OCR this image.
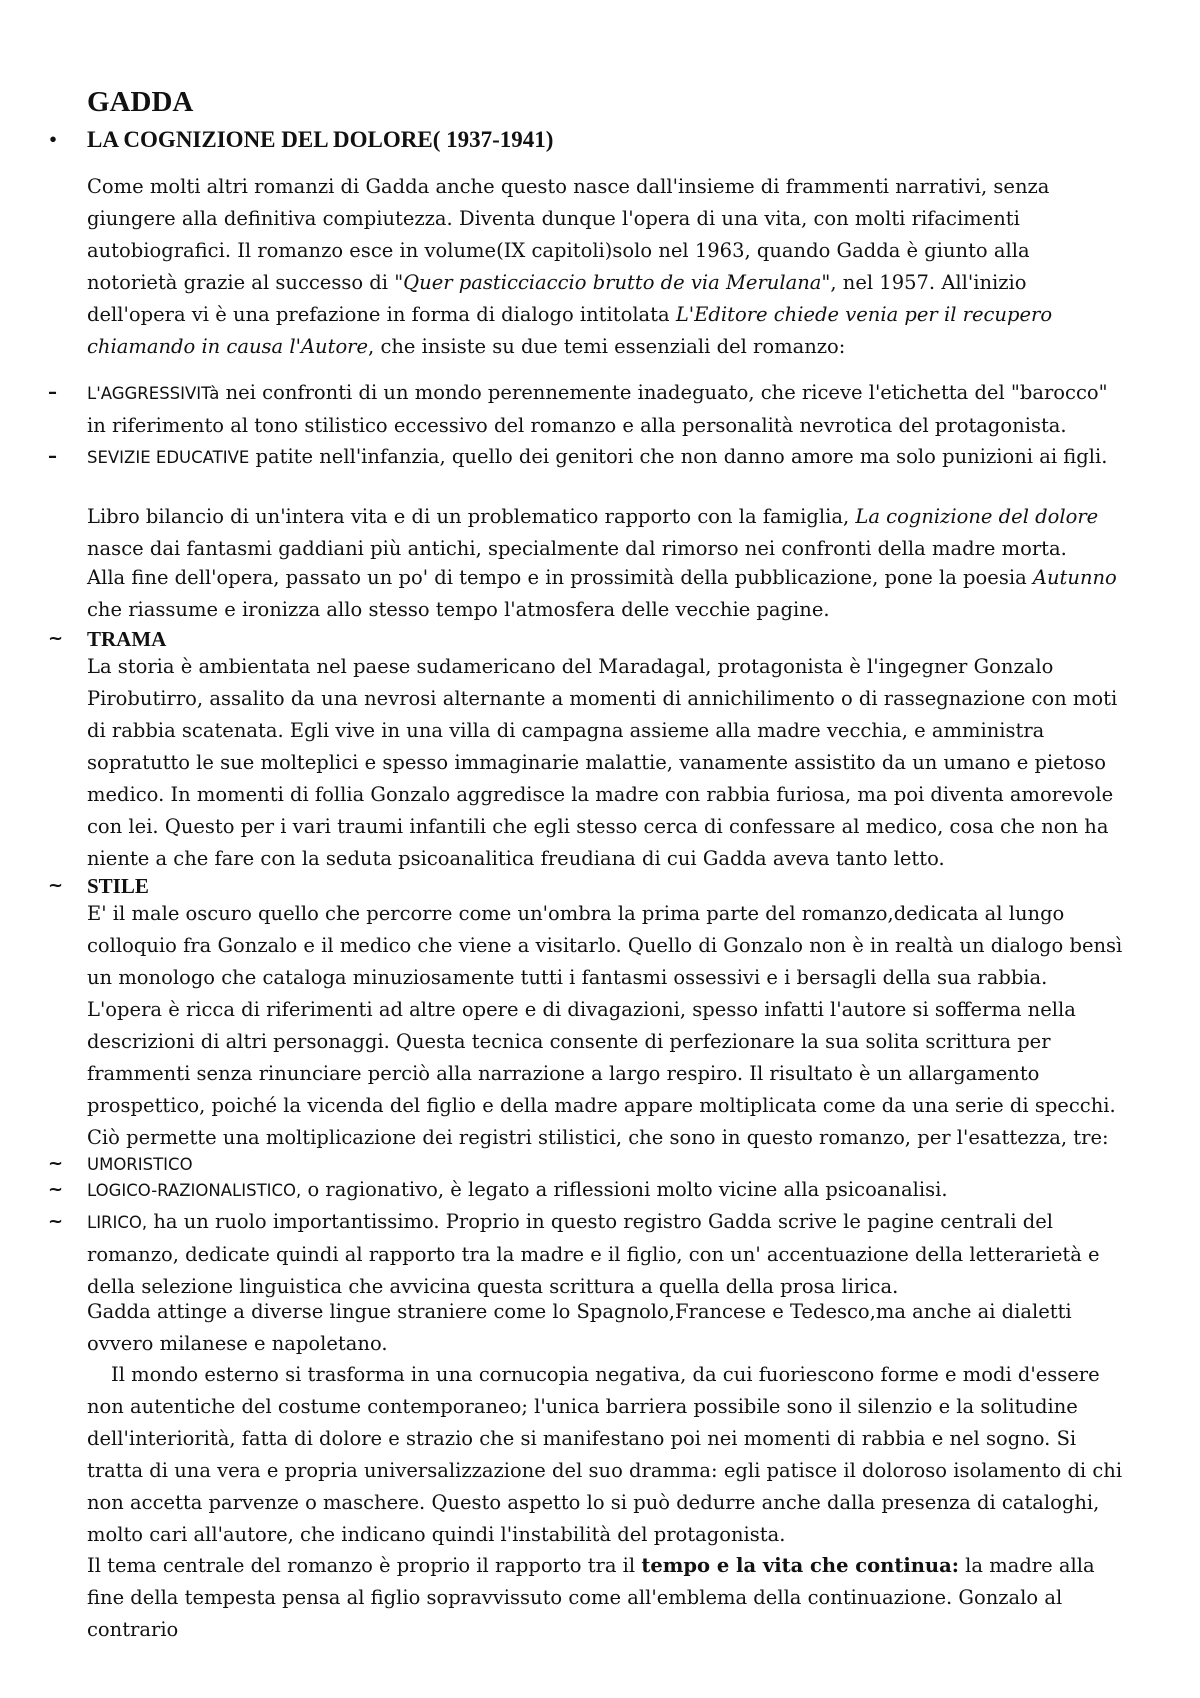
GADDA
• LA COGNIZIONE DEL DOLORE( 1937-1941)

Come molti altri romanzi di Gadda anche questo nasce dall'insieme di frammenti narrativi, senza giungere alla definitiva compiutezza. Diventa dunque l'opera di una vita, con molti rifacimenti autobiografici. Il romanzo esce in volume(IX capitoli)solo nel 1963, quando Gadda è giunto alla notorietà grazie al successo di "Quer pasticciaccio brutto de via Merulana", nel 1957. All'inizio dell'opera vi è una prefazione in forma di dialogo intitolata L'Editore chiede venia per il recupero chiamando in causa l'Autore, che insiste su due temi essenziali del romanzo:

– L'AGGRESSIVITà nei confronti di un mondo perennemente inadeguato, che riceve l'etichetta del "barocco" in riferimento al tono stilistico eccessivo del romanzo e alla personalità nevrotica del protagonista.

– SEVIZIE EDUCATIVE patite nell'infanzia, quello dei genitori che non danno amore ma solo punizioni ai figli.

Libro bilancio di un'intera vita e di un problematico rapporto con la famiglia, La cognizione del dolore nasce dai fantasmi gaddiani più antichi, specialmente dal rimorso nei confronti della madre morta.

Alla fine dell'opera, passato un po' di tempo e in prossimità della pubblicazione, pone la poesia Autunno che riassume e ironizza allo stesso tempo l'atmosfera delle vecchie pagine.

~ TRAMA

La storia è ambientata nel paese sudamericano del Maradagal, protagonista è l'ingegner Gonzalo Pirobutirro, assalito da una nevrosi alternante a momenti di annichilimento o di rassegnazione con moti di rabbia scatenata. Egli vive in una villa di campagna assieme alla madre vecchia, e amministra sopratutto le sue molteplici e spesso immaginarie malattie, vanamente assistito da un umano e pietoso medico. In momenti di follia Gonzalo aggredisce la madre con rabbia furiosa, ma poi diventa amorevole con lei. Questo per i vari traumi infantili che egli stesso cerca di confessare al medico, cosa che non ha niente a che fare con la seduta psicoanalitica freudiana di cui Gadda aveva tanto letto.

~ STILE

E' il male oscuro quello che percorre come un'ombra la prima parte del romanzo,dedicata al lungo colloquio fra Gonzalo e il medico che viene a visitarlo. Quello di Gonzalo non è in realtà un dialogo bensì un monologo che cataloga minuziosamente tutti i fantasmi ossessivi e i bersagli della sua rabbia. L'opera è ricca di riferimenti ad altre opere e di divagazioni, spesso infatti l'autore si sofferma nella descrizioni di altri personaggi. Questa tecnica consente di perfezionare la sua solita scrittura per frammenti senza rinunciare perciò alla narrazione a largo respiro. Il risultato è un allargamento prospettico, poiché la vicenda del figlio e della madre appare moltiplicata come da una serie di specchi. Ciò permette una moltiplicazione dei registri stilistici, che sono in questo romanzo, per l'esattezza, tre:

~ UMORISTICO

~ LOGICO-RAZIONALISTICO, o ragionativo, è legato a riflessioni molto vicine alla psicoanalisi.

~ LIRICO, ha un ruolo importantissimo. Proprio in questo registro Gadda scrive le pagine centrali del romanzo, dedicate quindi al rapporto tra la madre e il figlio, con un' accentuazione della letterarietà e della selezione linguistica che avvicina questa scrittura a quella della prosa lirica.

Gadda attinge a diverse lingue straniere come lo Spagnolo,Francese e Tedesco,ma anche ai dialetti ovvero milanese e napoletano.

Il mondo esterno si trasforma in una cornucopia negativa, da cui fuoriescono forme e modi d'essere non autentiche del costume contemporaneo; l'unica barriera possibile sono il silenzio e la solitudine dell'interiorità, fatta di dolore e strazio che si manifestano poi nei momenti di rabbia e nel sogno. Si tratta di una vera e propria universalizzazione del suo dramma: egli patisce il doloroso isolamento di chi non accetta parvenze o maschere. Questo aspetto lo si può dedurre anche dalla presenza di cataloghi, molto cari all'autore, che indicano quindi l'instabilità del protagonista.

Il tema centrale del romanzo è proprio il rapporto tra il tempo e la vita che continua: la madre alla fine della tempesta pensa al figlio sopravvissuto come all'emblema della continuazione. Gonzalo al contrario
